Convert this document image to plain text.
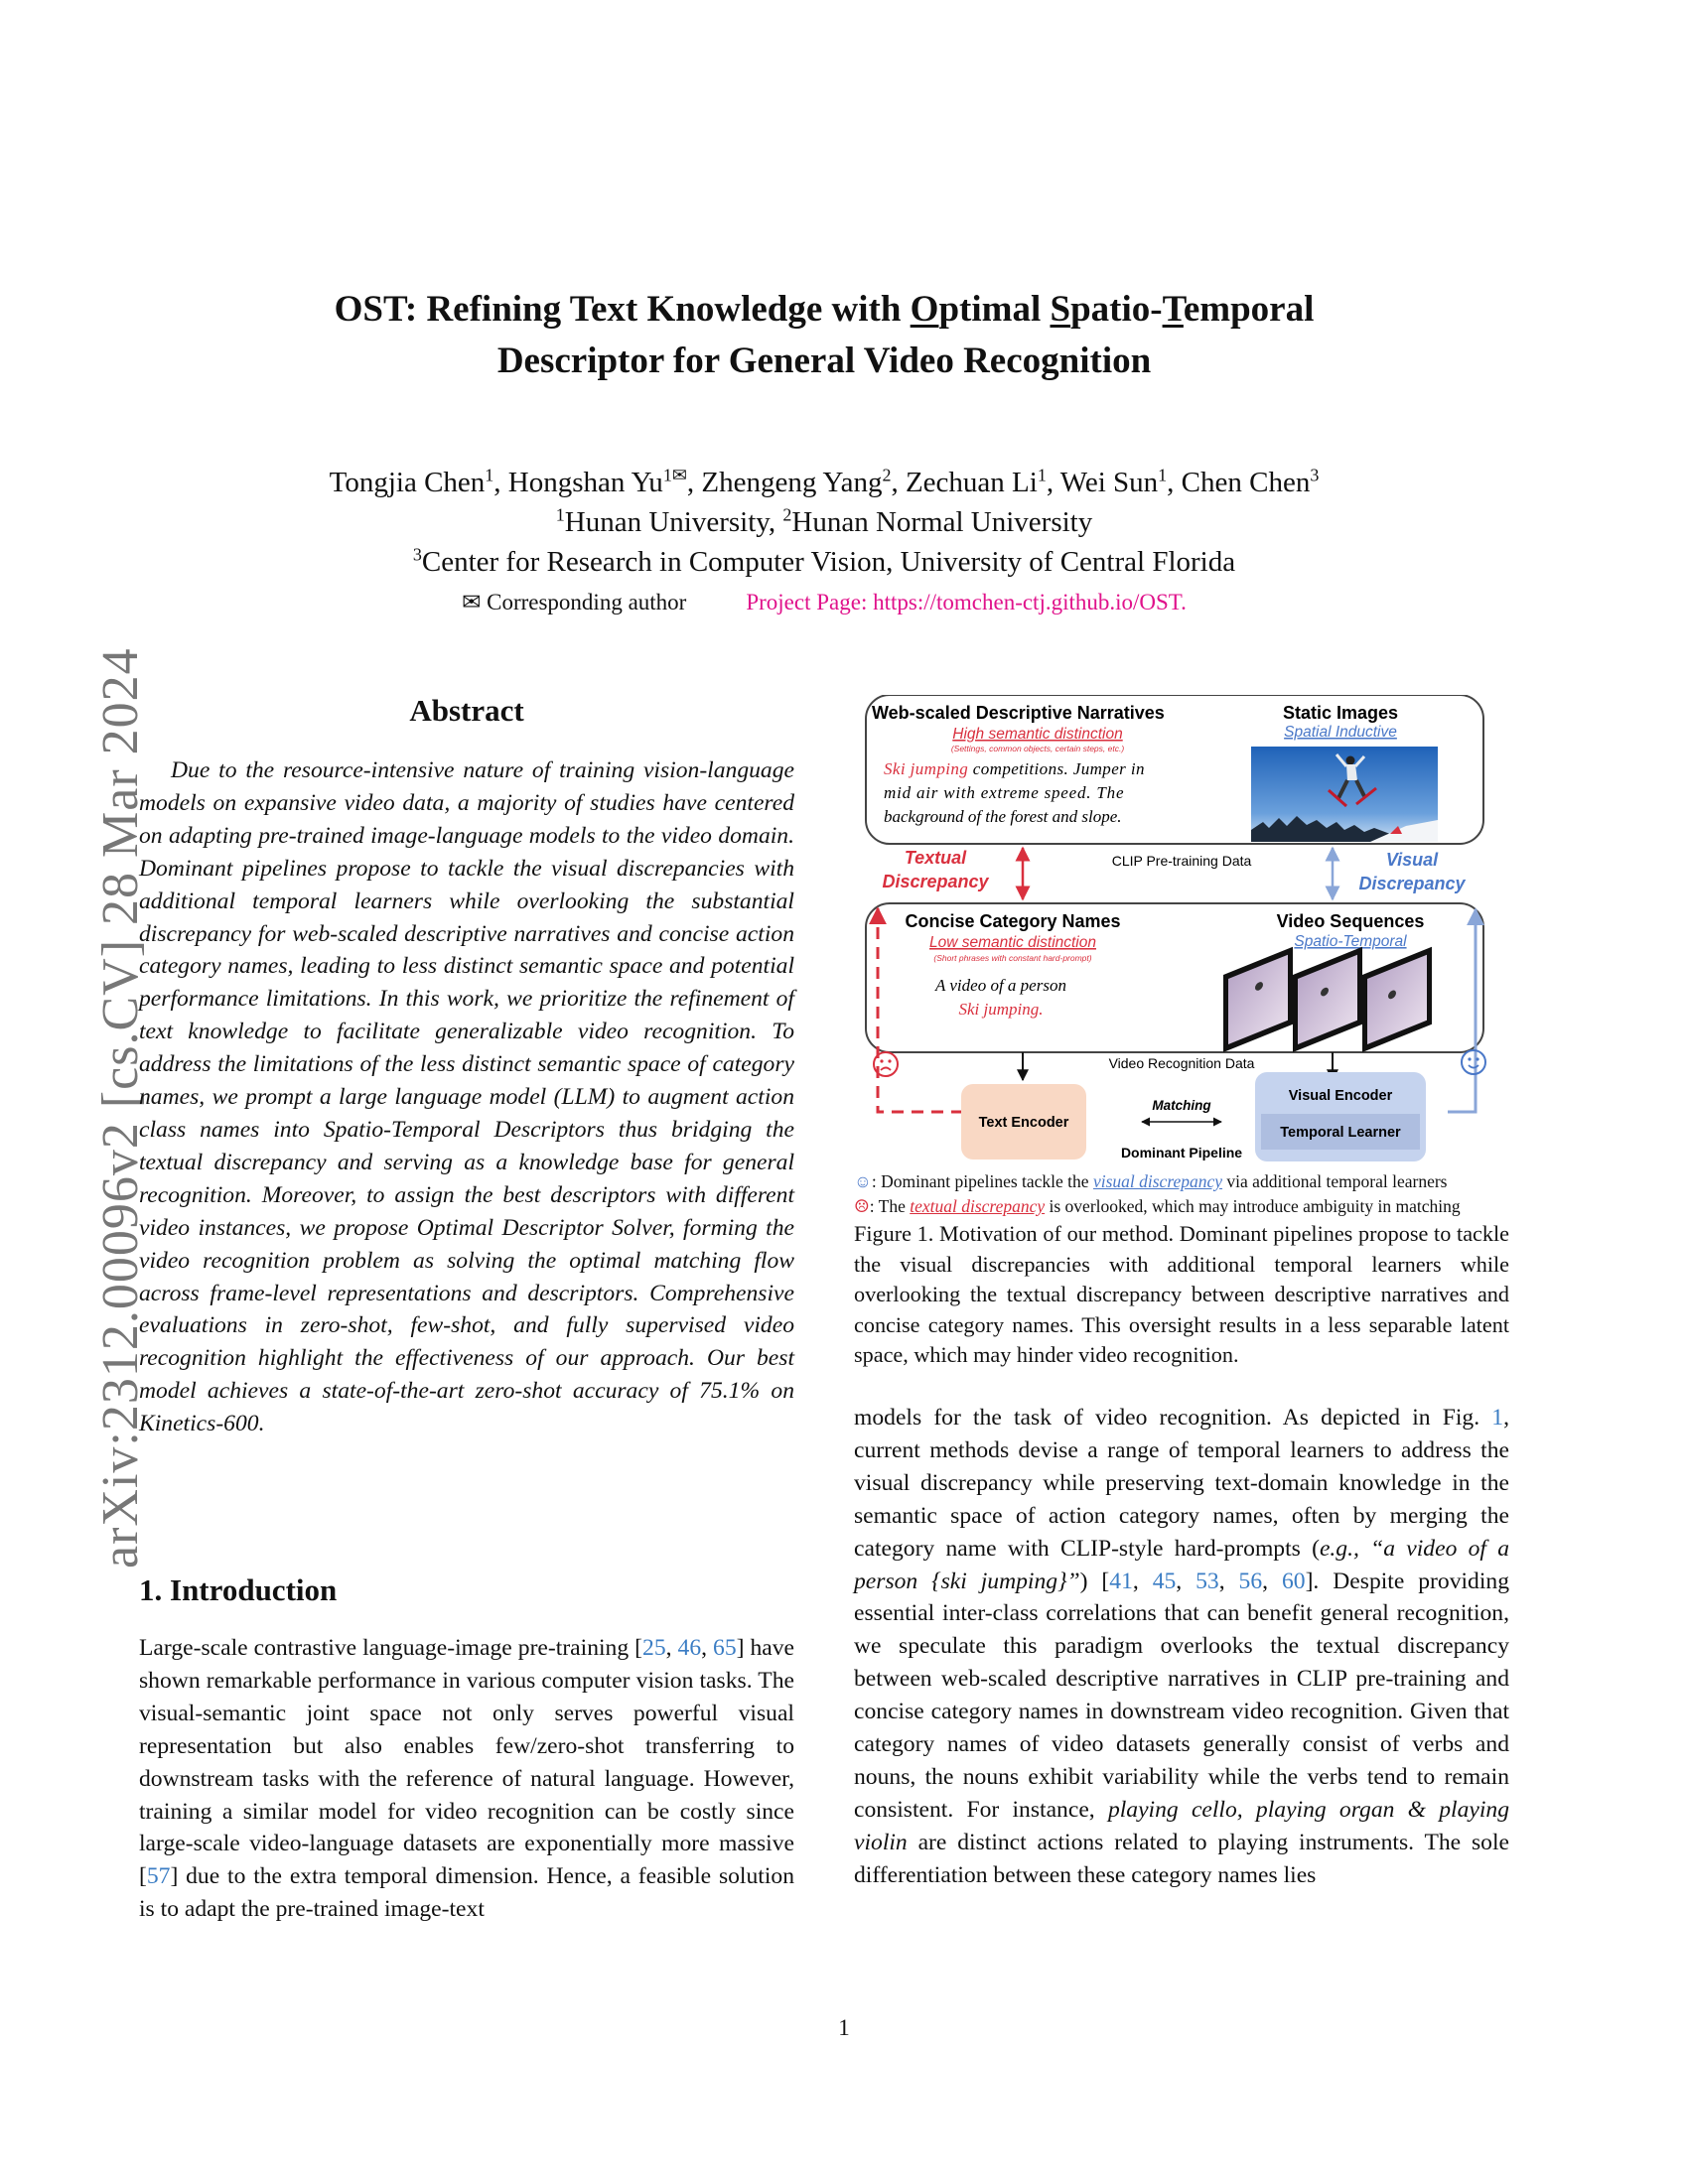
arXiv:2312.00096v2 [cs.CV] 28 Mar 2024
OST: Refining Text Knowledge with Optimal Spatio-Temporal
Descriptor for General Video Recognition
Tongjia Chen$^1$, Hongshan $Yu^{1✉}$, Zhengeng Yang$^2$, Zechuan Li$^1$, Wei Sun$^1$, Chen Chen$^3$
$^1$Hunan University, $^2$Hunan Normal University
$^3$Center for Research in Computer Vision, University of Central Florida
✉ Corresponding author	Project Page: https://tomchen-ctj.github.io/OST.
Abstract

Due to the resource-intensive nature of training vision-language models on expansive video data, a majority of studies have centered on adapting pre-trained image-language models to the video domain. Dominant pipelines propose to tackle the visual discrepancies with additional temporal learners while overlooking the substantial discrepancy for web-scaled descriptive narratives and concise action category names, leading to less distinct semantic space and potential performance limitations. In this work, we prioritize the refinement of text knowledge to facilitate generalizable video recognition. To address the limitations of the less distinct semantic space of category names, we prompt a large language model (LLM) to augment action class names into Spatio-Temporal Descriptors thus bridging the textual discrepancy and serving as a knowledge base for general recognition. Moreover, to assign the best descriptors with different video instances, we propose Optimal Descriptor Solver, forming the video recognition problem as solving the optimal matching flow across frame-level representations and descriptors. Comprehensive evaluations in zero-shot, few-shot, and fully supervised video recognition highlight the effectiveness of our approach. Our best model achieves a state-of-the-art zero-shot accuracy of 75.1% on Kinetics-600.

1. Introduction

Large-scale contrastive language-image pre-training [25, 46, 65] have shown remarkable performance in various computer vision tasks. The visual-semantic joint space not only serves powerful visual representation but also enables few/zero-shot transferring to downstream tasks with the reference of natural language. However, training a similar model for video recognition can be costly since large-scale video-language datasets are exponentially more massive [57] due to the extra temporal dimension. Hence, a feasible solution is to adapt the pre-trained image-text

models for the task of video recognition. As depicted in Fig. 1, current methods devise a range of temporal learners to address the visual discrepancy while preserving text-domain knowledge in the semantic space of action category names, often by merging the category name with CLIP-style hard-prompts (e.g., “a video of a person {ski jumping}”) [41, 45, 53, 56, 60]. Despite providing essential inter-class correlations that can benefit general recognition, we speculate this paradigm overlooks the textual discrepancy between web-scaled descriptive narratives in CLIP pre-training and concise category names in downstream video recognition. Given that category names of video datasets generally consist of verbs and nouns, the nouns exhibit variability while the verbs tend to remain consistent. For instance, playing cello, playing organ & playing violin are distinct actions related to playing instruments. The sole differentiation between these category names lies

Web-scaled Descriptive Narratives
High semantic distinction
(Settings, common objects, certain steps, etc.)
Ski jumping competitions. Jumper in
mid air with extreme speed. The
background of the forest and slope.
Static Images
Spatial Inductive
CLIP Pre-training Data
Textual
Discrepancy
Visual
Discrepancy
Concise Category Names
Low semantic distinction
(Short phrases with constant hard-prompt)
A video of a person
Ski jumping.
Video Sequences
Spatio-Temporal
Video Recognition Data
Text Encoder
Matching
Dominant Pipeline
Visual Encoder
Temporal Learner
☺: Dominant pipelines tackle the visual discrepancy via additional temporal learners
☹: The textual discrepancy is overlooked, which may introduce ambiguity in matching
Figure 1. Motivation of our method. Dominant pipelines propose to tackle the visual discrepancies with additional temporal learners while overlooking the textual discrepancy between descriptive narratives and concise category names. This oversight results in a less separable latent space, which may hinder video recognition.
1
